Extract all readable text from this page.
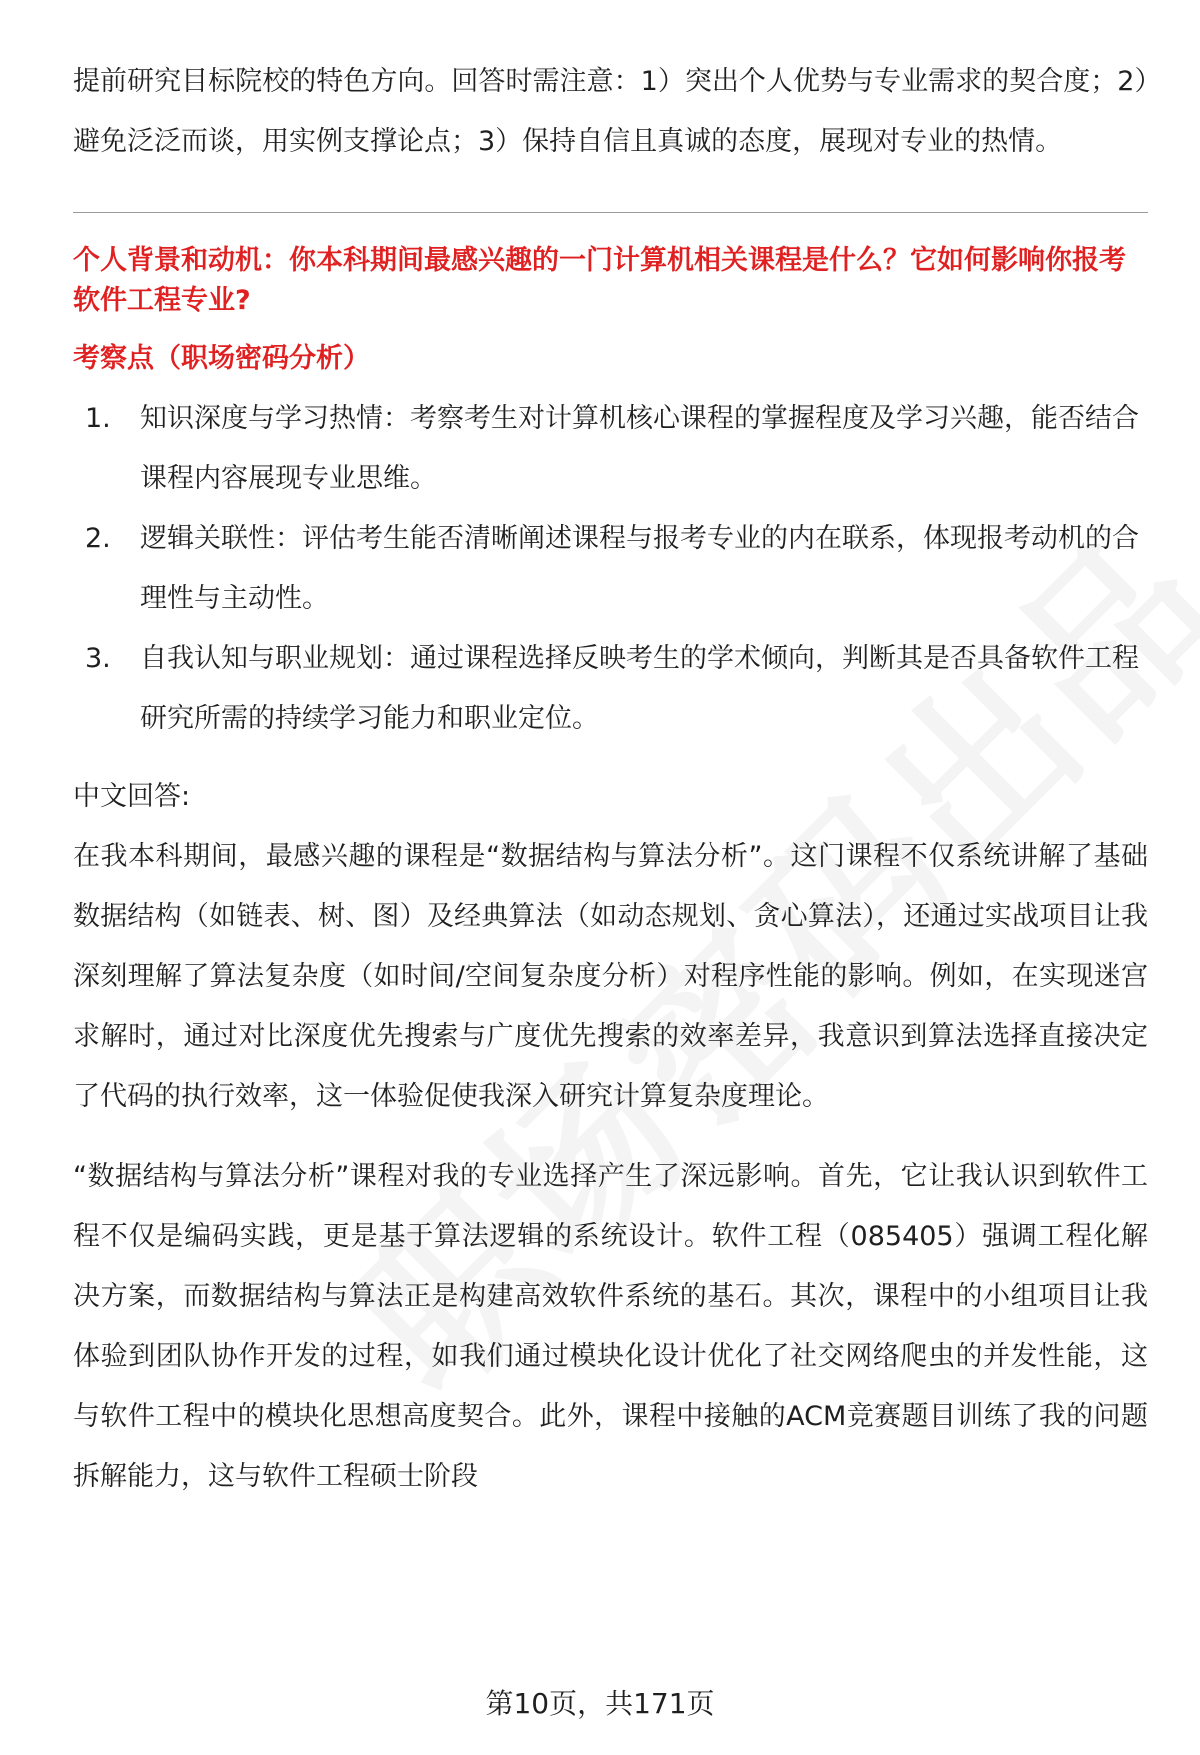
提前研究目标院校的特色方向。回答时需注意：1）突出个人优势与专业需求的契合度；2）避免泛泛而谈，用实例支撑论点；3）保持自信且真诚的态度，展现对专业的热情。

个人背景和动机：你本科期间最感兴趣的一门计算机相关课程是什么？它如何影响你报考软件工程专业?

考察点（职场密码分析）

1.	知识深度与学习热情：考察考生对计算机核心课程的掌握程度及学习兴趣，能否结合课程内容展现专业思维。
2.	逻辑关联性：评估考生能否清晰阐述课程与报考专业的内在联系，体现报考动机的合理性与主动性。
3.	自我认知与职业规划：通过课程选择反映考生的学术倾向，判断其是否具备软件工程研究所需的持续学习能力和职业定位。

中文回答:

在我本科期间，最感兴趣的课程是“数据结构与算法分析”。这门课程不仅系统讲解了基础数据结构（如链表、树、图）及经典算法（如动态规划、贪心算法），还通过实战项目让我深刻理解了算法复杂度（如时间/空间复杂度分析）对程序性能的影响。例如，在实现迷宫求解时，通过对比深度优先搜索与广度优先搜索的效率差异，我意识到算法选择直接决定了代码的执行效率，这一体验促使我深入研究计算复杂度理论。

“数据结构与算法分析”课程对我的专业选择产生了深远影响。首先，它让我认识到软件工程不仅是编码实践，更是基于算法逻辑的系统设计。软件工程（085405）强调工程化解决方案，而数据结构与算法正是构建高效软件系统的基石。其次，课程中的小组项目让我体验到团队协作开发的过程，如我们通过模块化设计优化了社交网络爬虫的并发性能，这与软件工程中的模块化思想高度契合。此外，课程中接触的ACM竞赛题目训练了我的问题拆解能力，这与软件工程硕士阶段

第10页，共171页
